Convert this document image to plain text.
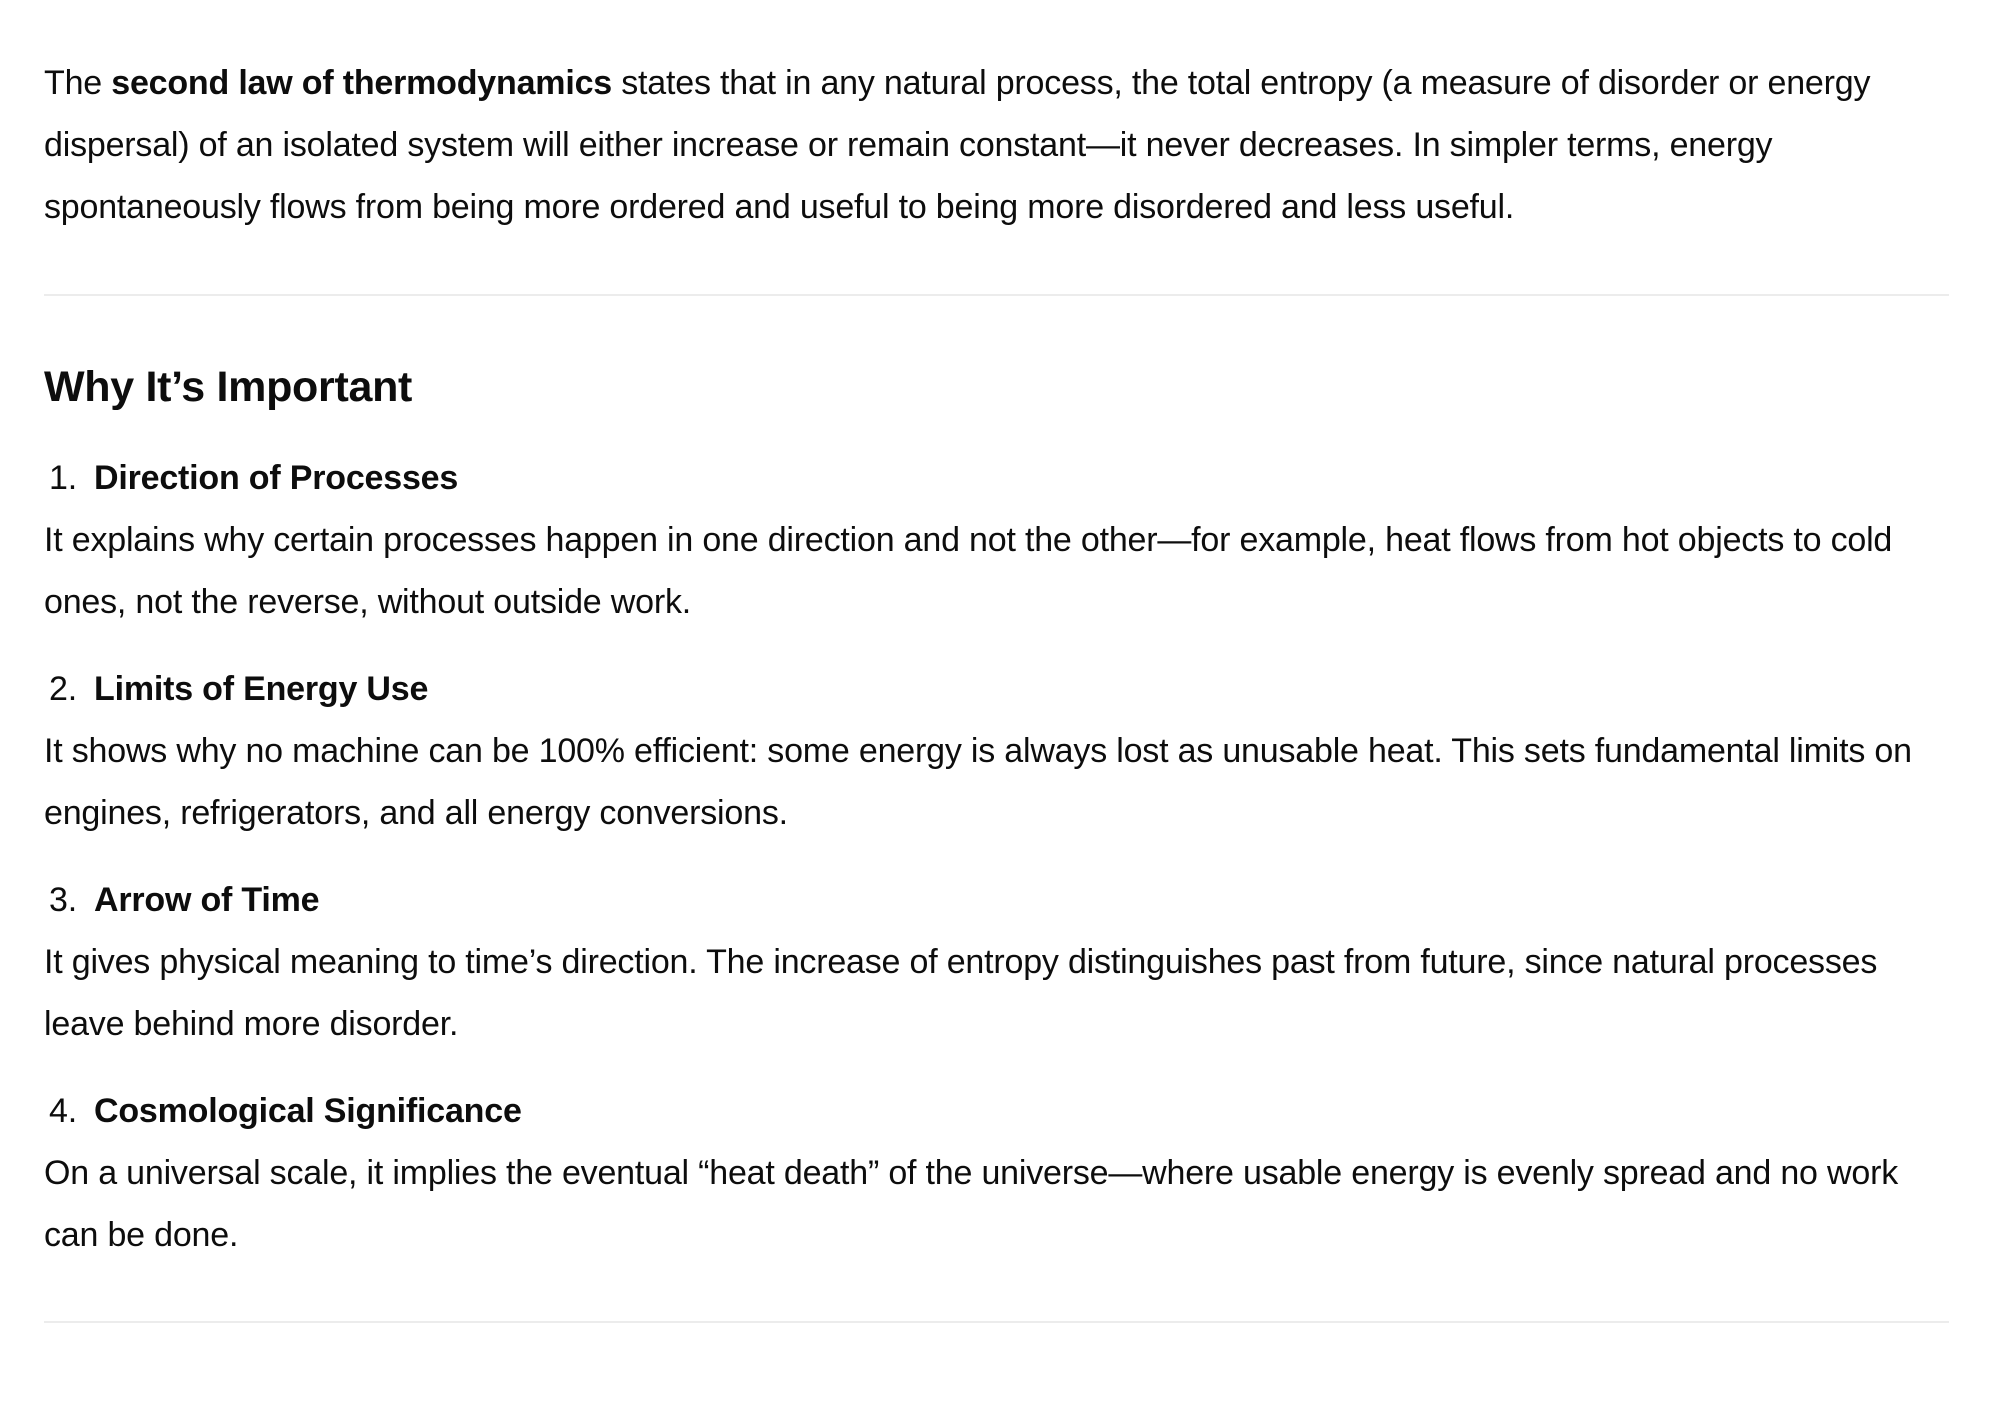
The second law of thermodynamics states that in any natural process, the total entropy (a measure of disorder or energy dispersal) of an isolated system will either increase or remain constant—it never decreases. In simpler terms, energy spontaneously flows from being more ordered and useful to being more disordered and less useful.

Why It’s Important
1. Direction of Processes

It explains why certain processes happen in one direction and not the other—for example, heat flows from hot objects to cold ones, not the reverse, without outside work.

2. Limits of Energy Use

It shows why no machine can be 100% efficient: some energy is always lost as unusable heat. This sets fundamental limits on engines, refrigerators, and all energy conversions.

3. Arrow of Time

It gives physical meaning to time’s direction. The increase of entropy distinguishes past from future, since natural processes leave behind more disorder.

4. Cosmological Significance

On a universal scale, it implies the eventual “heat death” of the universe—where usable energy is evenly spread and no work can be done.
